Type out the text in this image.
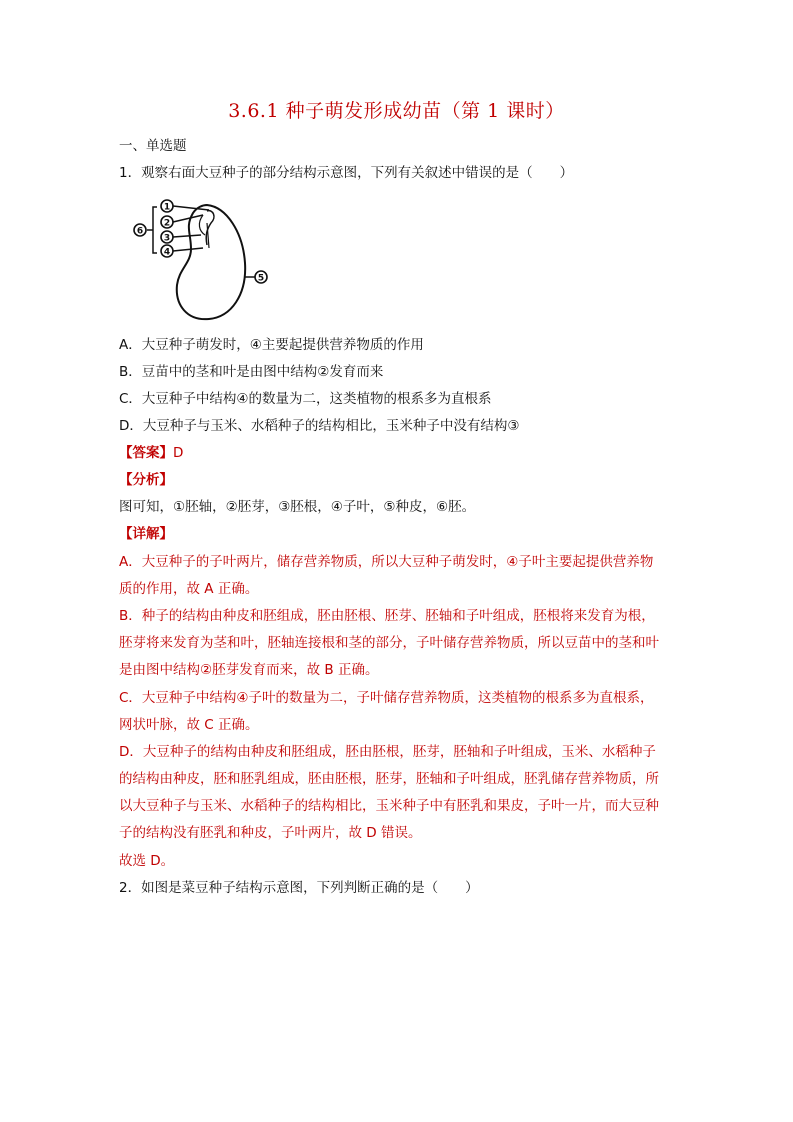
3.6.1 种子萌发形成幼苗（第 1 课时）
一、单选题
1．观察右面大豆种子的部分结构示意图，下列有关叙述中错误的是（　　）
1
2
3
4
5
6
A．大豆种子萌发时，④主要起提供营养物质的作用
B．豆苗中的茎和叶是由图中结构②发育而来
C．大豆种子中结构④的数量为二，这类植物的根系多为直根系
D．大豆种子与玉米、水稻种子的结构相比，玉米种子中没有结构③
【答案】D
【分析】
图可知，①胚轴，②胚芽，③胚根，④子叶，⑤种皮，⑥胚。
【详解】
A．大豆种子的子叶两片，储存营养物质，所以大豆种子萌发时，④子叶主要起提供营养物
质的作用，故 A 正确。
B．种子的结构由种皮和胚组成，胚由胚根、胚芽、胚轴和子叶组成，胚根将来发育为根，
胚芽将来发育为茎和叶，胚轴连接根和茎的部分，子叶储存营养物质，所以豆苗中的茎和叶
是由图中结构②胚芽发育而来，故 B 正确。
C．大豆种子中结构④子叶的数量为二，子叶储存营养物质，这类植物的根系多为直根系，
网状叶脉，故 C 正确。
D．大豆种子的结构由种皮和胚组成，胚由胚根，胚芽，胚轴和子叶组成，玉米、水稻种子
的结构由种皮，胚和胚乳组成，胚由胚根，胚芽，胚轴和子叶组成，胚乳储存营养物质，所
以大豆种子与玉米、水稻种子的结构相比，玉米种子中有胚乳和果皮，子叶一片，而大豆种
子的结构没有胚乳和种皮，子叶两片，故 D 错误。
故选 D。
2．如图是菜豆种子结构示意图，下列判断正确的是（　　）
